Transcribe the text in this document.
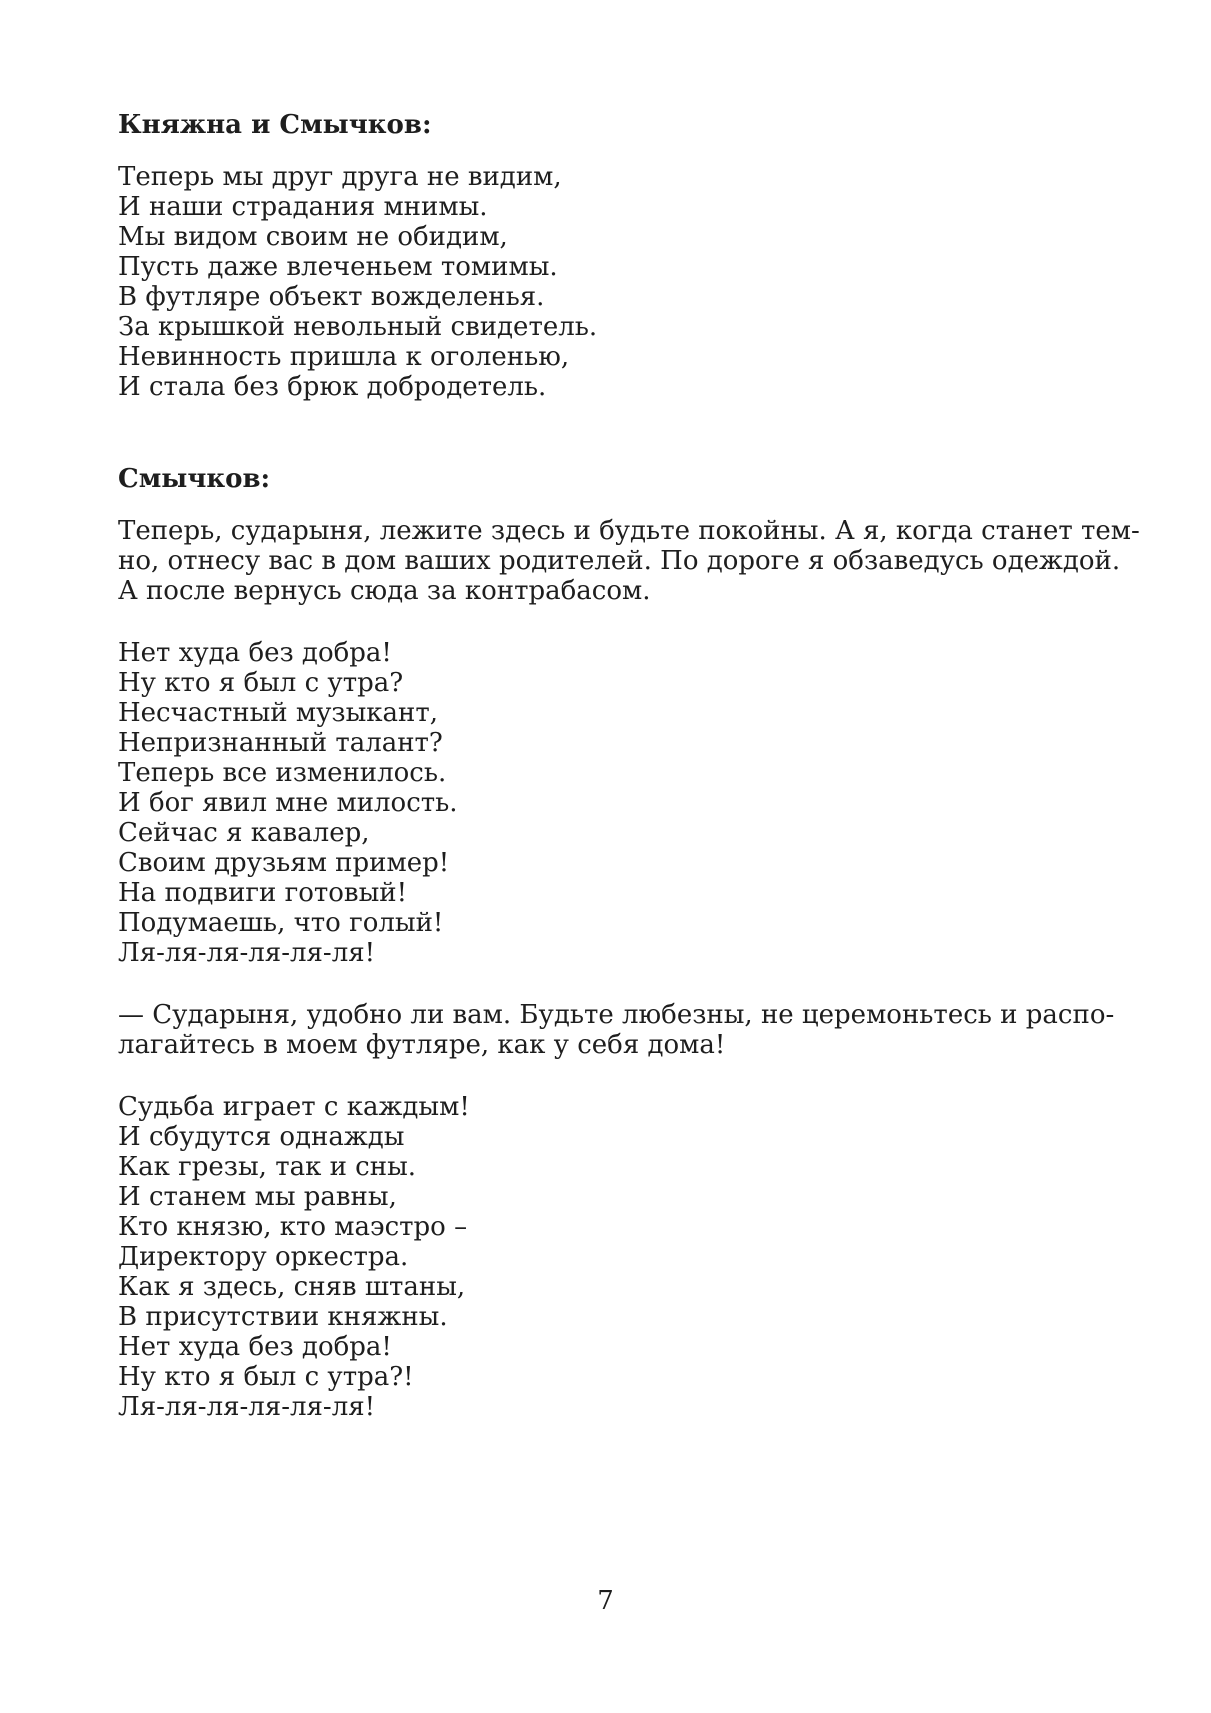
Княжна и Смычков:
Теперь мы друг друга не видим,
И наши страдания мнимы.
Мы видом своим не обидим,
Пусть даже влеченьем томимы.
В футляре объект вожделенья.
За крышкой невольный свидетель.
Невинность пришла к оголенью,
И стала без брюк добродетель.
Смычков:
Теперь, сударыня, лежите здесь и будьте покойны. А я, когда станет тем-
но, отнесу вас в дом ваших родителей. По дороге я обзаведусь одеждой.
А после вернусь сюда за контрабасом.
Нет худа без добра!
Ну кто я был с утра?
Несчастный музыкант,
Непризнанный талант?
Теперь все изменилось.
И бог явил мне милость.
Сейчас я кавалер,
Своим друзьям пример!
На подвиги готовый!
Подумаешь, что голый!
Ля-ля-ля-ля-ля-ля!
— Сударыня, удобно ли вам. Будьте любезны, не церемоньтесь и распо-
лагайтесь в моем футляре, как у себя дома!
Судьба играет с каждым!
И сбудутся однажды
Как грезы, так и сны.
И станем мы равны,
Кто князю, кто маэстро –
Директору оркестра.
Как я здесь, сняв штаны,
В присутствии княжны.
Нет худа без добра!
Ну кто я был с утра?!
Ля-ля-ля-ля-ля-ля!
7
